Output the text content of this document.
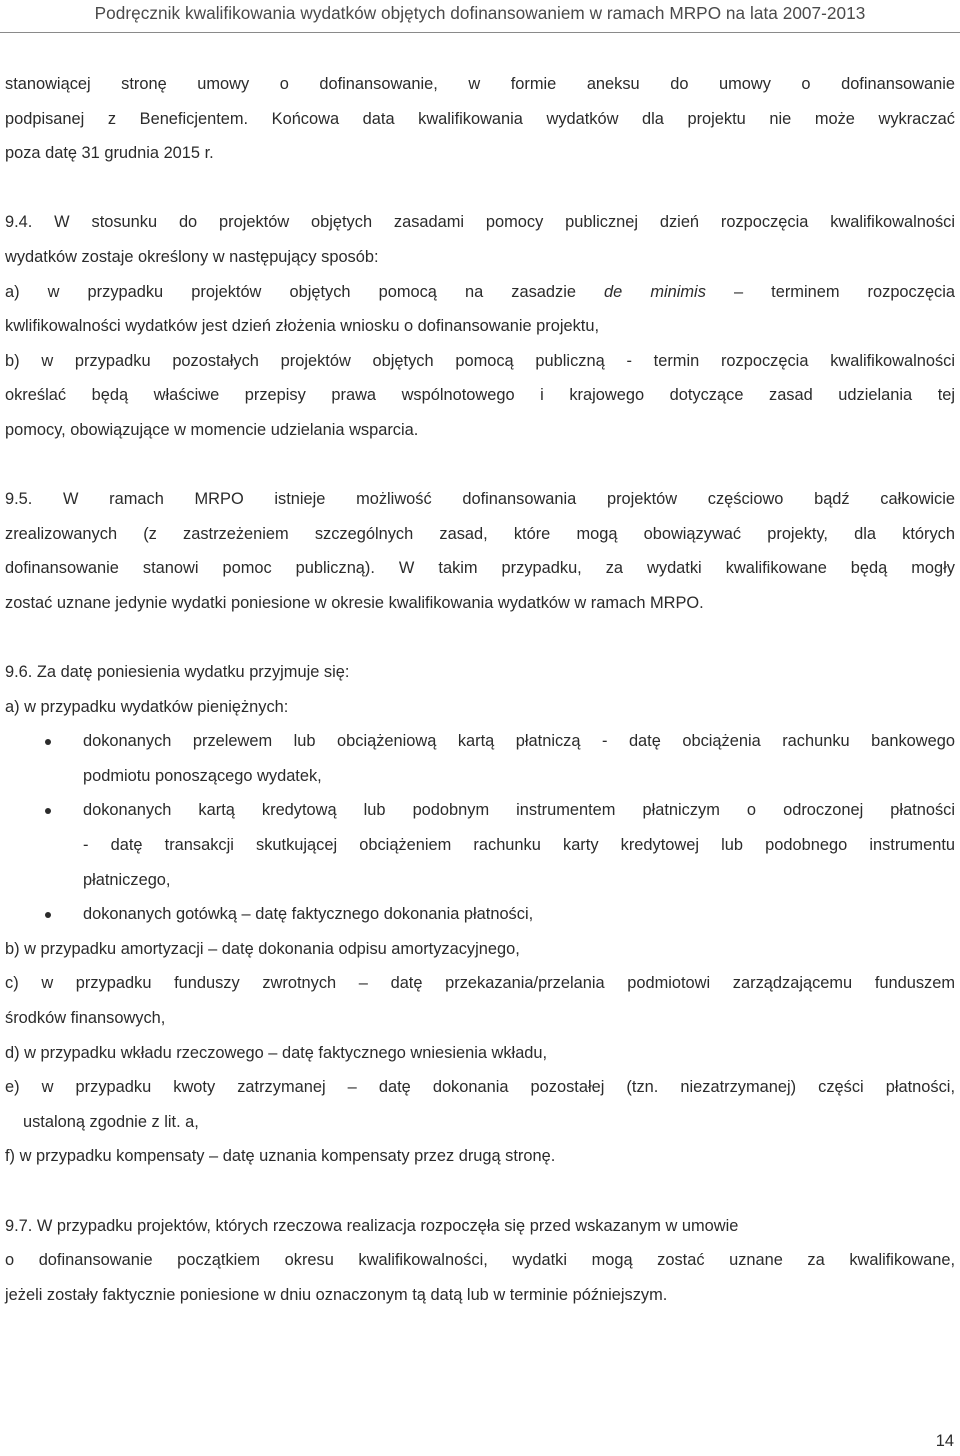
Podręcznik kwalifikowania wydatków objętych dofinansowaniem w ramach MRPO na lata 2007-2013

stanowiącej stronę umowy o dofinansowanie, w formie aneksu do umowy o dofinansowanie

podpisanej z Beneficjentem. Końcowa data kwalifikowania wydatków dla projektu nie może wykraczać

poza datę 31 grudnia 2015 r.

9.4. W stosunku do projektów objętych zasadami pomocy publicznej dzień rozpoczęcia kwalifikowalności

wydatków zostaje określony w następujący sposób:

a) w przypadku projektów objętych pomocą na zasadzie de minimis – terminem rozpoczęcia

kwlifikowalności wydatków jest dzień złożenia wniosku o dofinansowanie projektu,

b) w przypadku pozostałych projektów objętych pomocą publiczną - termin rozpoczęcia kwalifikowalności

określać będą właściwe przepisy prawa wspólnotowego i krajowego dotyczące zasad udzielania tej

pomocy, obowiązujące w momencie udzielania wsparcia.

9.5. W ramach MRPO istnieje możliwość dofinansowania projektów częściowo bądź całkowicie

zrealizowanych (z zastrzeżeniem szczególnych zasad, które mogą obowiązywać projekty, dla których

dofinansowanie stanowi pomoc publiczną). W takim przypadku, za wydatki kwalifikowane będą mogły

zostać uznane jedynie wydatki poniesione w okresie kwalifikowania wydatków w ramach MRPO.

9.6. Za datę poniesienia wydatku przyjmuje się:

a) w przypadku wydatków pieniężnych:

dokonanych przelewem lub obciążeniową kartą płatniczą - datę obciążenia rachunku bankowego

podmiotu ponoszącego wydatek,

dokonanych kartą kredytową lub podobnym instrumentem płatniczym o odroczonej płatności

- datę transakcji skutkującej obciążeniem rachunku karty kredytowej lub podobnego instrumentu

płatniczego,

dokonanych gotówką – datę faktycznego dokonania płatności,

b) w przypadku amortyzacji – datę dokonania odpisu amortyzacyjnego,

c) w przypadku funduszy zwrotnych – datę przekazania/przelania podmiotowi zarządzającemu funduszem

środków finansowych,

d) w przypadku wkładu rzeczowego – datę faktycznego wniesienia wkładu,

e) w przypadku kwoty zatrzymanej – datę dokonania pozostałej (tzn. niezatrzymanej) części płatności,

ustaloną zgodnie z lit. a,

f) w przypadku kompensaty – datę uznania kompensaty przez drugą stronę.

9.7. W przypadku projektów, których rzeczowa realizacja rozpoczęła się przed wskazanym w umowie

o dofinansowanie początkiem okresu kwalifikowalności, wydatki mogą zostać uznane za kwalifikowane,

jeżeli zostały faktycznie poniesione w dniu oznaczonym tą datą lub w terminie późniejszym.

14
